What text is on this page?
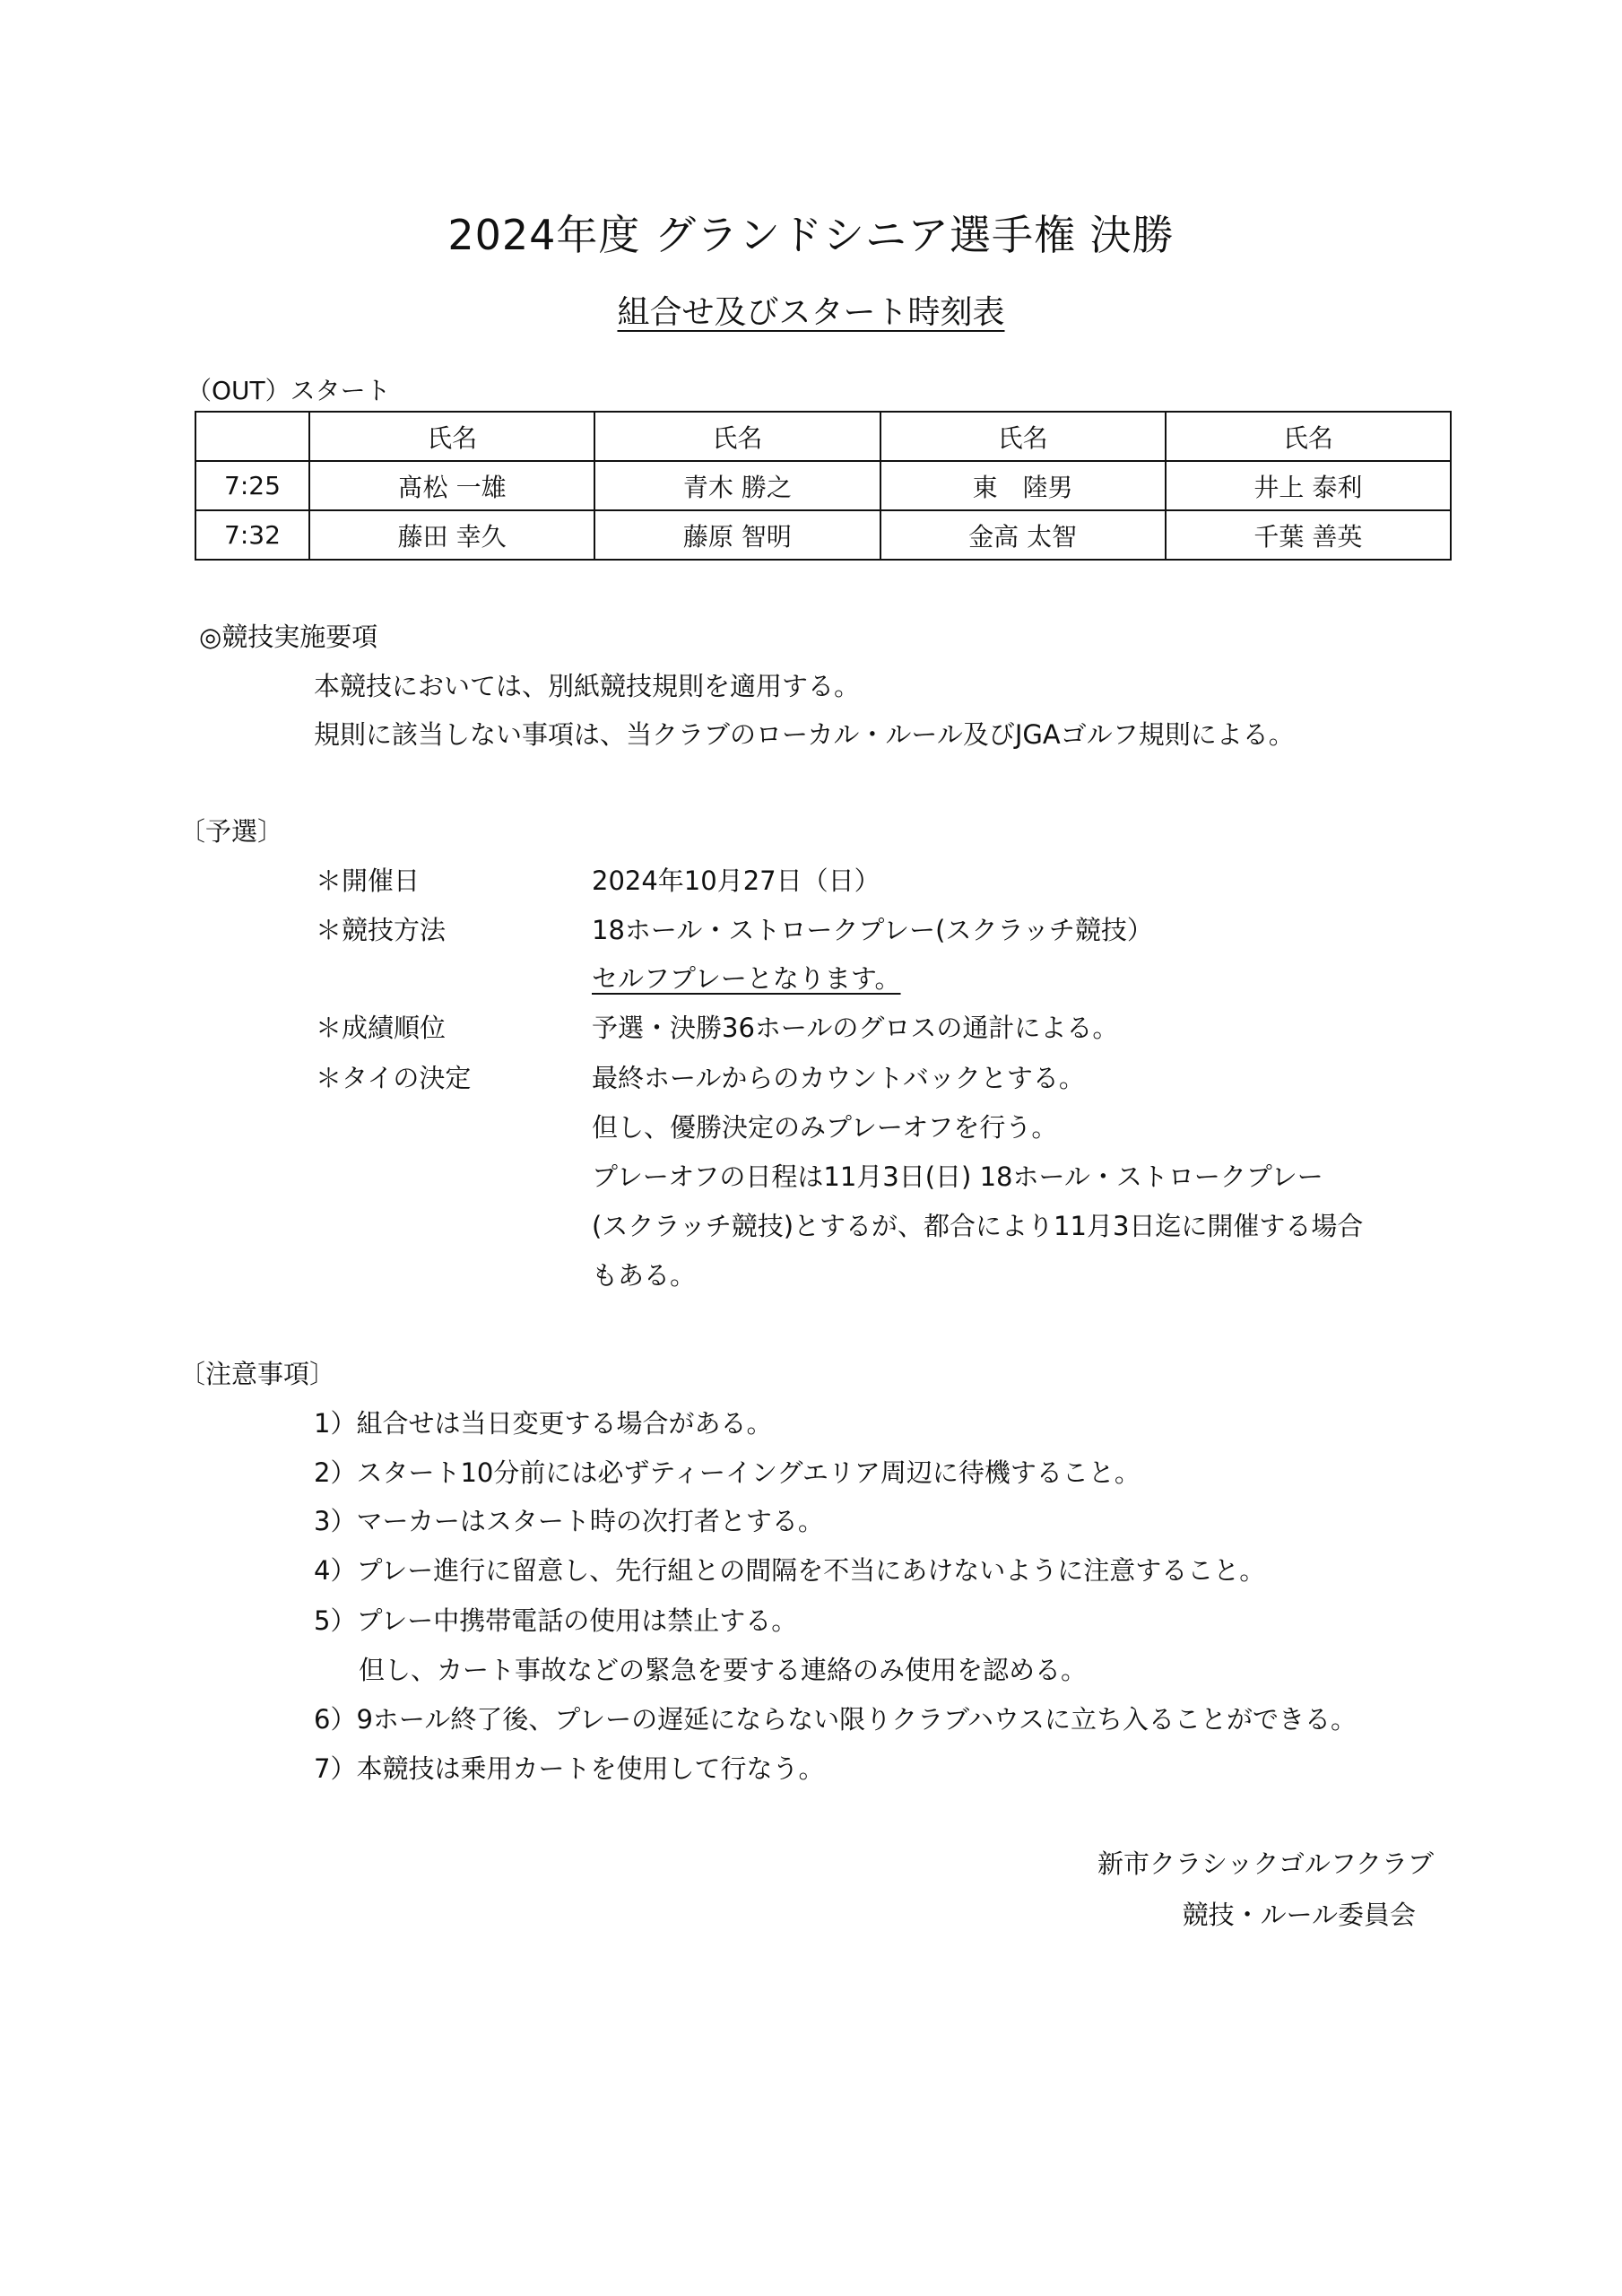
2024年度 グランドシニア選手権 決勝
組合せ及びスタート時刻表
（OUT）スタート
	氏名	氏名	氏名	氏名
7:25	髙松 一雄	青木 勝之	東　陸男	井上 泰利
7:32	藤田 幸久	藤原 智明	金高 太智	千葉 善英
◎競技実施要項
本競技においては、別紙競技規則を適用する。
規則に該当しない事項は、当クラブのローカル・ルール及びJGAゴルフ規則による。
〔予選〕
＊開催日	2024年10月27日（日）
＊競技方法	18ホール・ストロークプレー(スクラッチ競技）
セルフプレーとなります。
＊成績順位	予選・決勝36ホールのグロスの通計による。
＊タイの決定	最終ホールからのカウントバックとする。
但し、優勝決定のみプレーオフを行う。
プレーオフの日程は11月3日(日) 18ホール・ストロークプレー
(スクラッチ競技)とするが、都合により11月3日迄に開催する場合
もある。
〔注意事項〕
1）組合せは当日変更する場合がある。
2）スタート10分前には必ずティーイングエリア周辺に待機すること。
3）マーカーはスタート時の次打者とする。
4）プレー進行に留意し、先行組との間隔を不当にあけないように注意すること。
5）プレー中携帯電話の使用は禁止する。
但し、カート事故などの緊急を要する連絡のみ使用を認める。
6）9ホール終了後、プレーの遅延にならない限りクラブハウスに立ち入ることができる。
7）本競技は乗用カートを使用して行なう。
新市クラシックゴルフクラブ
競技・ルール委員会
